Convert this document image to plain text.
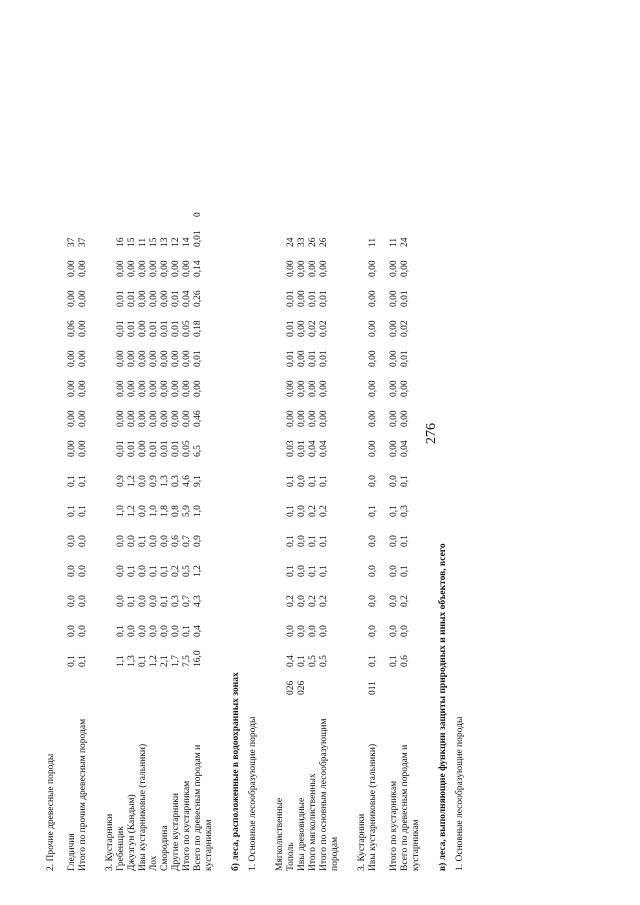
276
2. Прочие древесные породы																	

Гледичия		0,1	0,0	0,0	0,0	0,0	0,1	0,1	0,00	0,00	0,00	0,00	0,06	0,00	0,00	37	
Итого по прочим древесным породам		0,1	0,0	0,0	0,0	0,0	0,1	0,1	0,00	0,00	0,00	0,00	0,00	0,00	0,00	37	

3. Кустарники																	
Гребенщик		1,1	0,1	0,0	0,0	0,0	1,0	0,9	0,01	0,00	0,00	0,00	0,01	0,01	0,00	16	
Джузгун (Кандым)		1,3	0,0	0,1	0,1	0,0	1,2	1,2	0,01	0,00	0,00	0,00	0,01	0,01	0,00	15	
Ивы кустарниковые (тальники)		0,1	0,0	0,0	0,0	0,1	0,0	0,0	0,00	0,00	0,00	0,00	0,00	0,00	0,00	11	
Лох		1,2	0,0	0,0	0,1	0,0	1,0	0,9	0,01	0,00	0,00	0,00	0,01	0,00	0,00	15	
Смородина		2,1	0,0	0,1	0,1	0,0	1,8	1,3	0,01	0,00	0,00	0,00	0,01	0,00	0,00	13	
Другие кустарники		1,7	0,0	0,3	0,2	0,6	0,8	0,3	0,01	0,00	0,00	0,00	0,01	0,01	0,00	12	
Итого по кустарникам		7,5	0,1	0,7	0,5	0,7	5,9	4,6	0,05	0,00	0,00	0,00	0,05	0,04	0,00	14	
Всего по древесным породам и кустарникам		16,0	0,4	4,3	1,2	0,9	1,0	9,1	6,5	0,46	0,00	0,01	0,18	0,26	0,14	0,01	0

б) леса, расположенные в водоохранных зонах																	
1. Основные лесообразующие породы																	

Мягколиственные																	
Тополь	026	0,4	0,0	0,2	0,1	0,1	0,1	0,1	0,03	0,00	0,00	0,01	0,01	0,01	0,00	24	
Ивы древовидные	026	0,1	0,0	0,0	0,0	0,0	0,0	0,0	0,01	0,00	0,00	0,00	0,00	0,00	0,00	33	
Итого мягколиственных		0,5	0,0	0,2	0,1	0,1	0,2	0,1	0,04	0,00	0,00	0,01	0,02	0,01	0,00	26	
Итого по основным лесообразующим породам		0,5	0,0	0,2	0,1	0,1	0,2	0,1	0,04	0,00	0,00	0,01	0,02	0,01	0,00	26	

3. Кустарники																	
Ивы кустарниковые (тальники)	011	0,1	0,0	0,0	0,0	0,0	0,1	0,0	0,00	0,00	0,00	0,00	0,00	0,00	0,00	11	

Итого по кустарникам		0,1	0,0	0,0	0,0	0,0	0,1	0,0	0,00	0,00	0,00	0,00	0,00	0,00	0,00	11	
Всего по древесным породам и кустарникам		0,6	0,0	0,2	0,1	0,1	0,3	0,1	0,04	0,00	0,00	0,01	0,02	0,01	0,00	24	

в) леса, выполняющие функции защиты природных и иных объектов, всего																	
1. Основные лесообразующие породы																	
